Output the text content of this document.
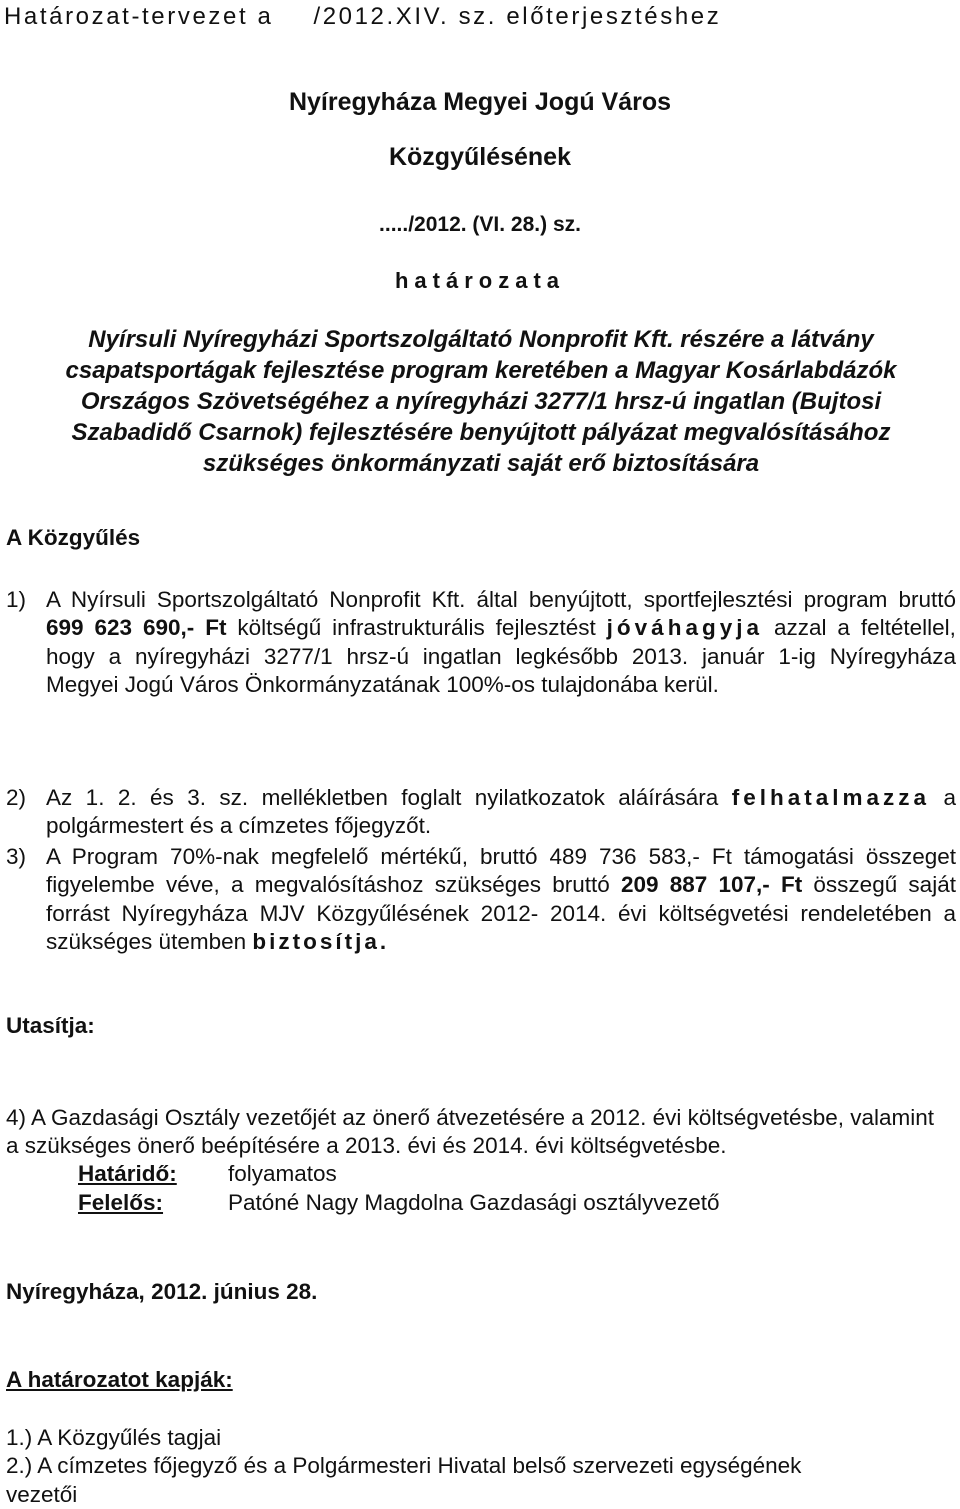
Határozat-tervezet a /2012.XIV. sz. előterjesztéshez
Nyíregyháza Megyei Jogú Város
Közgyűlésének
...../2012. (VI. 28.) sz.
határozata
Nyírsuli Nyíregyházi Sportszolgáltató Nonprofit Kft. részére a látvány csapatsportágak fejlesztése program keretében a Magyar Kosárlabdázók Országos Szövetségéhez a nyíregyházi 3277/1 hrsz-ú ingatlan (Bujtosi Szabadidő Csarnok) fejlesztésére benyújtott pályázat megvalósításához szükséges önkormányzati saját erő biztosítására
A Közgyűlés
1) A Nyírsuli Sportszolgáltató Nonprofit Kft. által benyújtott, sportfejlesztési program bruttó 699 623 690,- Ft költségű infrastrukturális fejlesztést jóváhagyja azzal a feltétellel, hogy a nyíregyházi 3277/1 hrsz-ú ingatlan legkésőbb 2013. január 1-ig Nyíregyháza Megyei Jogú Város Önkormányzatának 100%-os tulajdonába kerül.
2) Az 1. 2. és 3. sz. mellékletben foglalt nyilatkozatok aláírására felhatalmazza a polgármestert és a címzetes főjegyzőt.
3) A Program 70%-nak megfelelő mértékű, bruttó 489 736 583,- Ft támogatási összeget figyelembe véve, a megvalósításhoz szükséges bruttó 209 887 107,- Ft összegű saját forrást Nyíregyháza MJV Közgyűlésének 2012- 2014. évi költségvetési rendeletében a szükséges ütemben biztosítja.
Utasítja:
4) A Gazdasági Osztály vezetőjét az önerő átvezetésére a 2012. évi költségvetésbe, valamint a szükséges önerő beépítésére a 2013. évi és 2014. évi költségvetésbe.
Határidő: folyamatos
Felelős:	Patóné Nagy Magdolna Gazdasági osztályvezető
Nyíregyháza, 2012. június 28.
A határozatot kapják:
1.) A Közgyűlés tagjai
2.) A címzetes főjegyző és a Polgármesteri Hivatal belső szervezeti egységének
vezetői
